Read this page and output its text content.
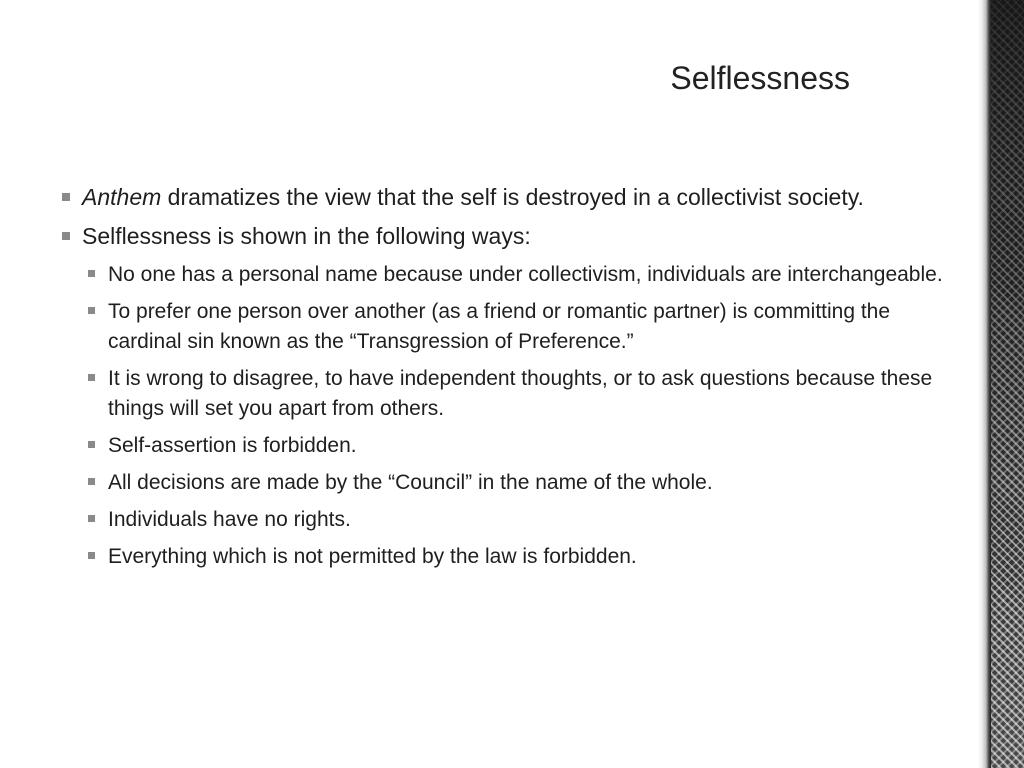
Selflessness
Anthem dramatizes the view that the self is destroyed in a collectivist society.
Selflessness is shown in the following ways:
No one has a personal name because under collectivism, individuals are interchangeable.
To prefer one person over another (as a friend or romantic partner) is committing the cardinal sin known as the “Transgression of Preference.”
It is wrong to disagree, to have independent thoughts, or to ask questions because these things will set you apart from others.
Self-assertion is forbidden.
All decisions are made by the “Council” in the name of the whole.
Individuals have no rights.
Everything which is not permitted by the law is forbidden.
